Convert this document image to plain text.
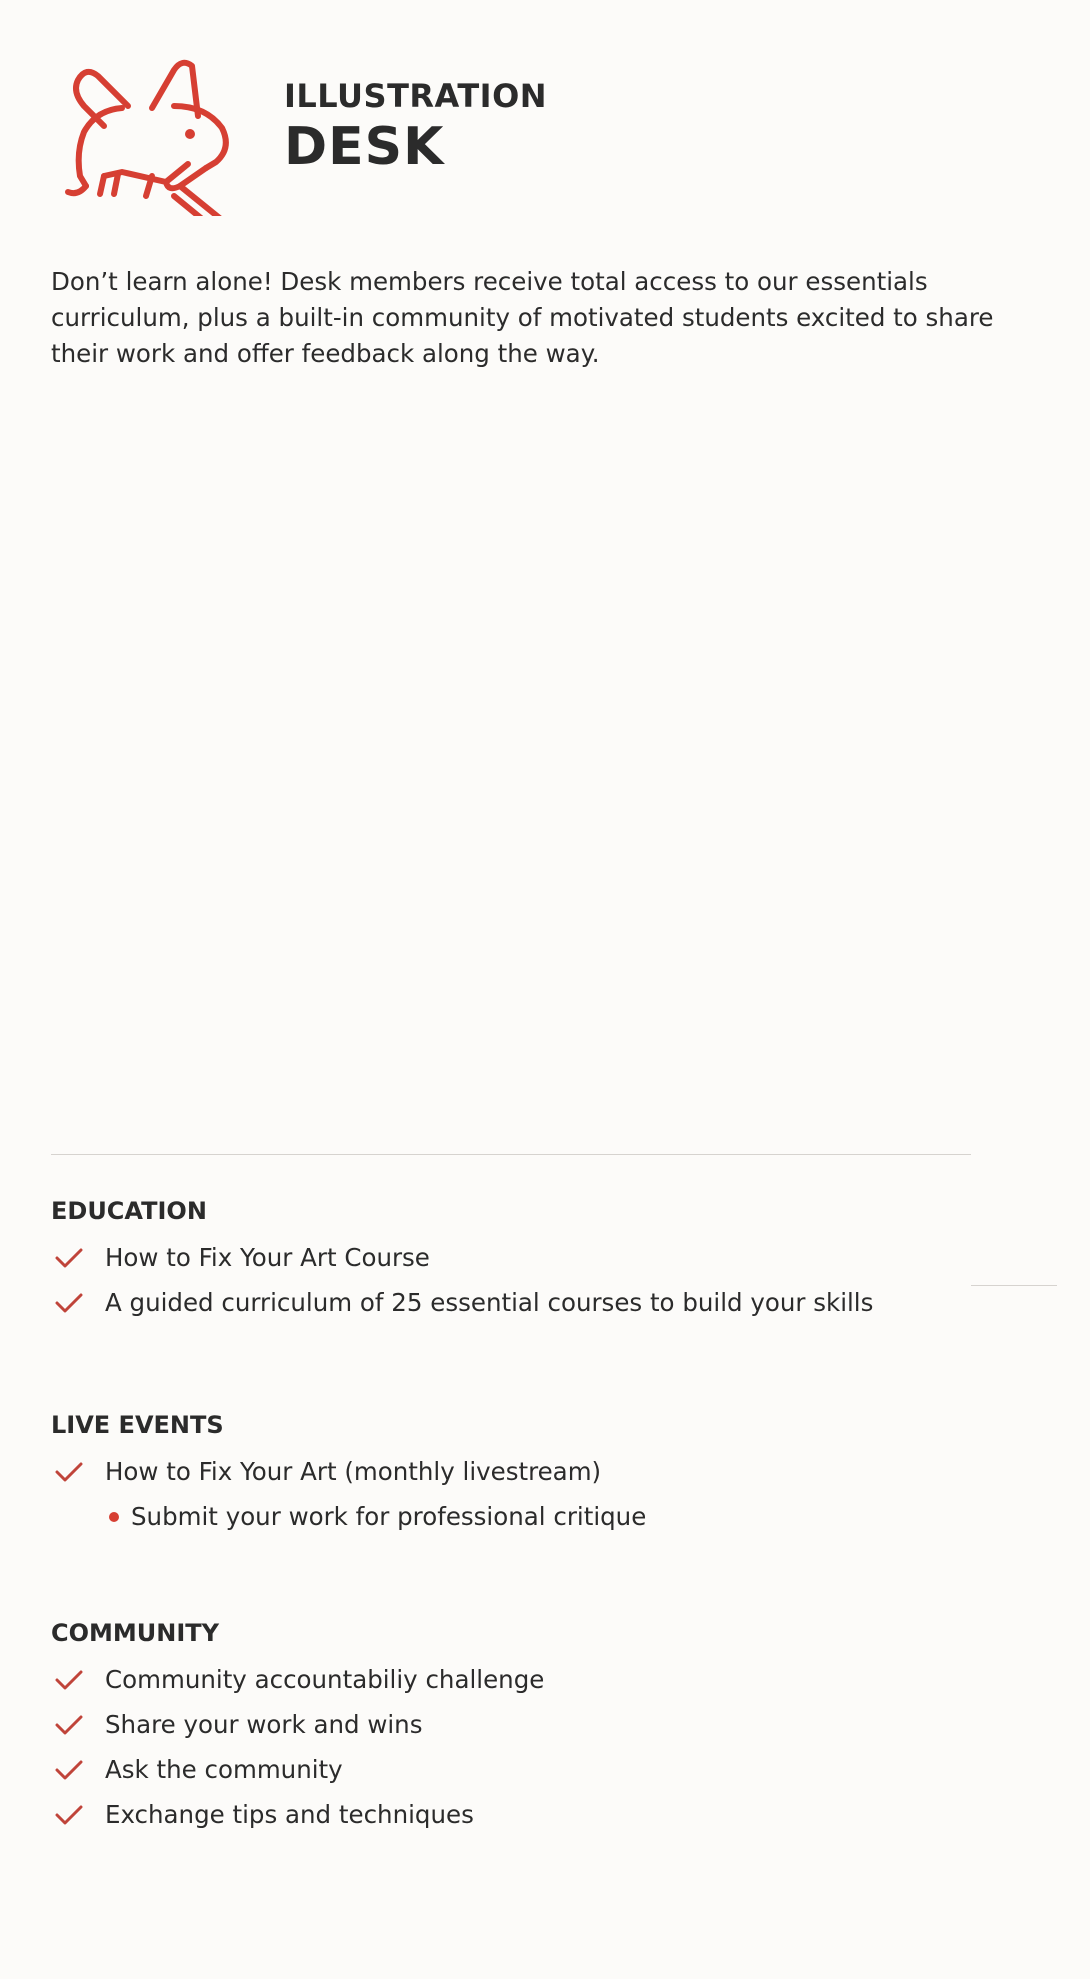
ILLUSTRATION
DESK
Don’t learn alone! Desk members receive total access to our essentials curriculum, plus a built-in community of motivated students excited to share their work and offer feedback along the way.
EDUCATION
How to Fix Your Art Course
A guided curriculum of 25 essential courses to build your skills
LIVE EVENTS
How to Fix Your Art (monthly livestream)
Submit your work for professional critique
COMMUNITY
Community accountabiliy challenge
Share your work and wins
Ask the community
Exchange tips and techniques
